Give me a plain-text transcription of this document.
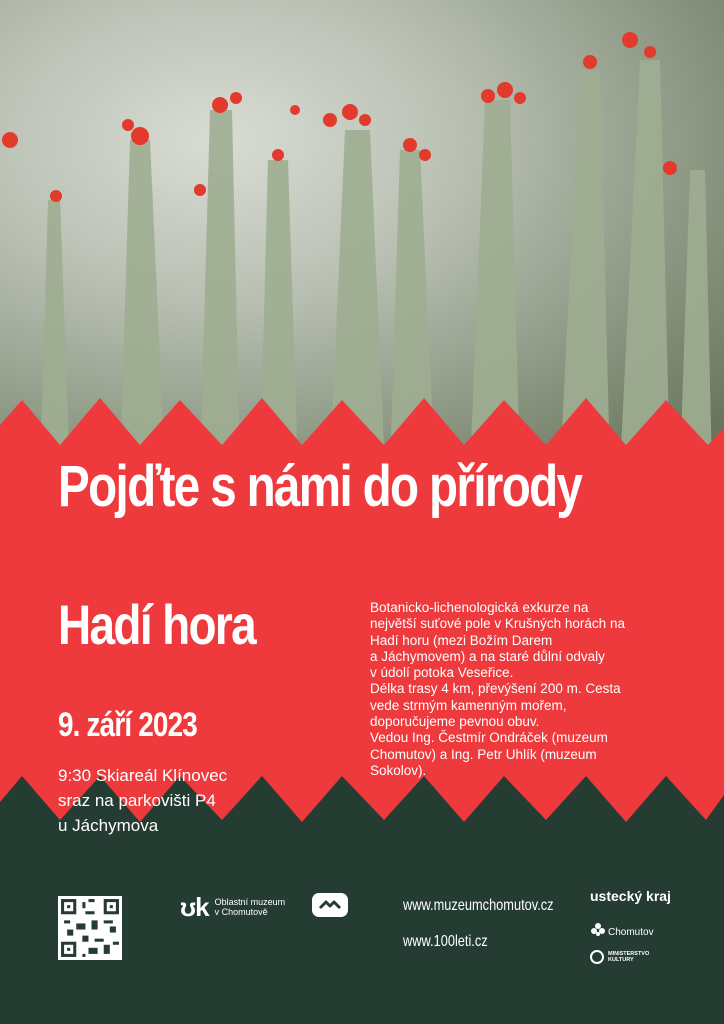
Pojďte s námi do přírody
Hadí hora
9. září 2023
9:30 Skiareál Klínovec
sraz na parkovišti P4
u Jáchymova
Botanicko-lichenologická exkurze na
největší suťové pole v Krušných horách na
Hadí horu (mezi Božím Darem
a Jáchymovem) a na staré důlní odvaly
v údolí potoka Veseřice.
Délka trasy 4 km, převýšení 200 m. Cesta
vede strmým kamenným mořem,
doporučujeme pevnou obuv.
Vedou Ing. Čestmír Ondráček (muzeum
Chomutov) a Ing. Petr Uhlík (muzeum
Sokolov).
ʊk Oblastní muzeum
v Chomutově	www.muzeumchomutov.cz
www.100leti.cz
ustecký kraj
Chomutov
MINISTERSTVO
KULTURY
